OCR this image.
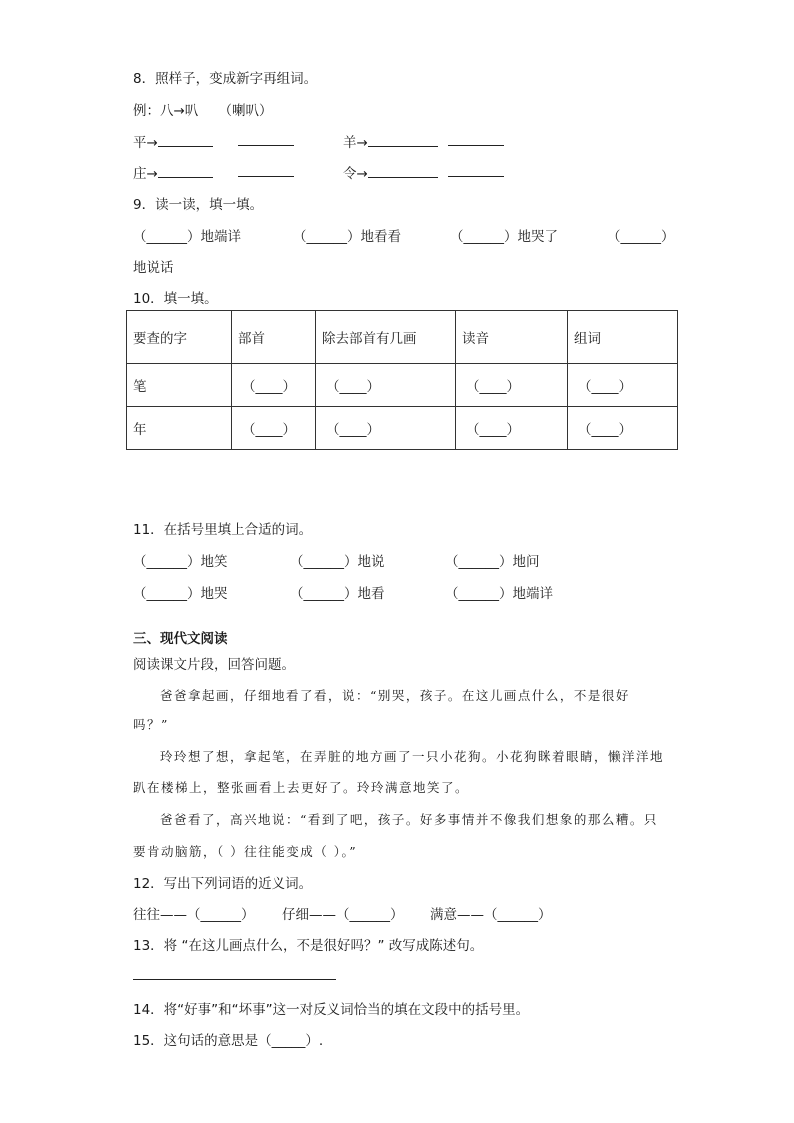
8．照样子，变成新字再组词。
例：八→叭　　（喇叭）
平→	羊→
庄→	令→
9．读一读，填一填。
（______）地端详	（______）地看看	（______）地哭了	（______）
地说话
10．填一填。
要查的字	部首	除去部首有几画	读音	组词
笔	（____）	（____）	（____）	（____）
年	（____）	（____）	（____）	（____）
11．在括号里填上合适的词。
（______）地笑	（______）地说	（______）地问
（______）地哭	（______）地看	（______）地端详
三、现代文阅读
阅读课文片段，回答问题。
爸爸拿起画，仔细地看了看，说：“别哭，孩子。在这儿画点什么，不是很好
吗？”
玲玲想了想，拿起笔，在弄脏的地方画了一只小花狗。小花狗眯着眼睛，懒洋洋地
趴在楼梯上，整张画看上去更好了。玲玲满意地笑了。
爸爸看了，高兴地说：“看到了吧，孩子。好多事情并不像我们想象的那么糟。只
要肯动脑筋，（ ）往往能变成（ ）。”
12．写出下列词语的近义词。
往往——（______） 仔细——（______） 满意——（______）
13．将 “在这儿画点什么，不是很好吗？” 改写成陈述句。
14．将“好事”和“坏事”这一对反义词恰当的填在文段中的括号里。
15．这句话的意思是（_____）.
